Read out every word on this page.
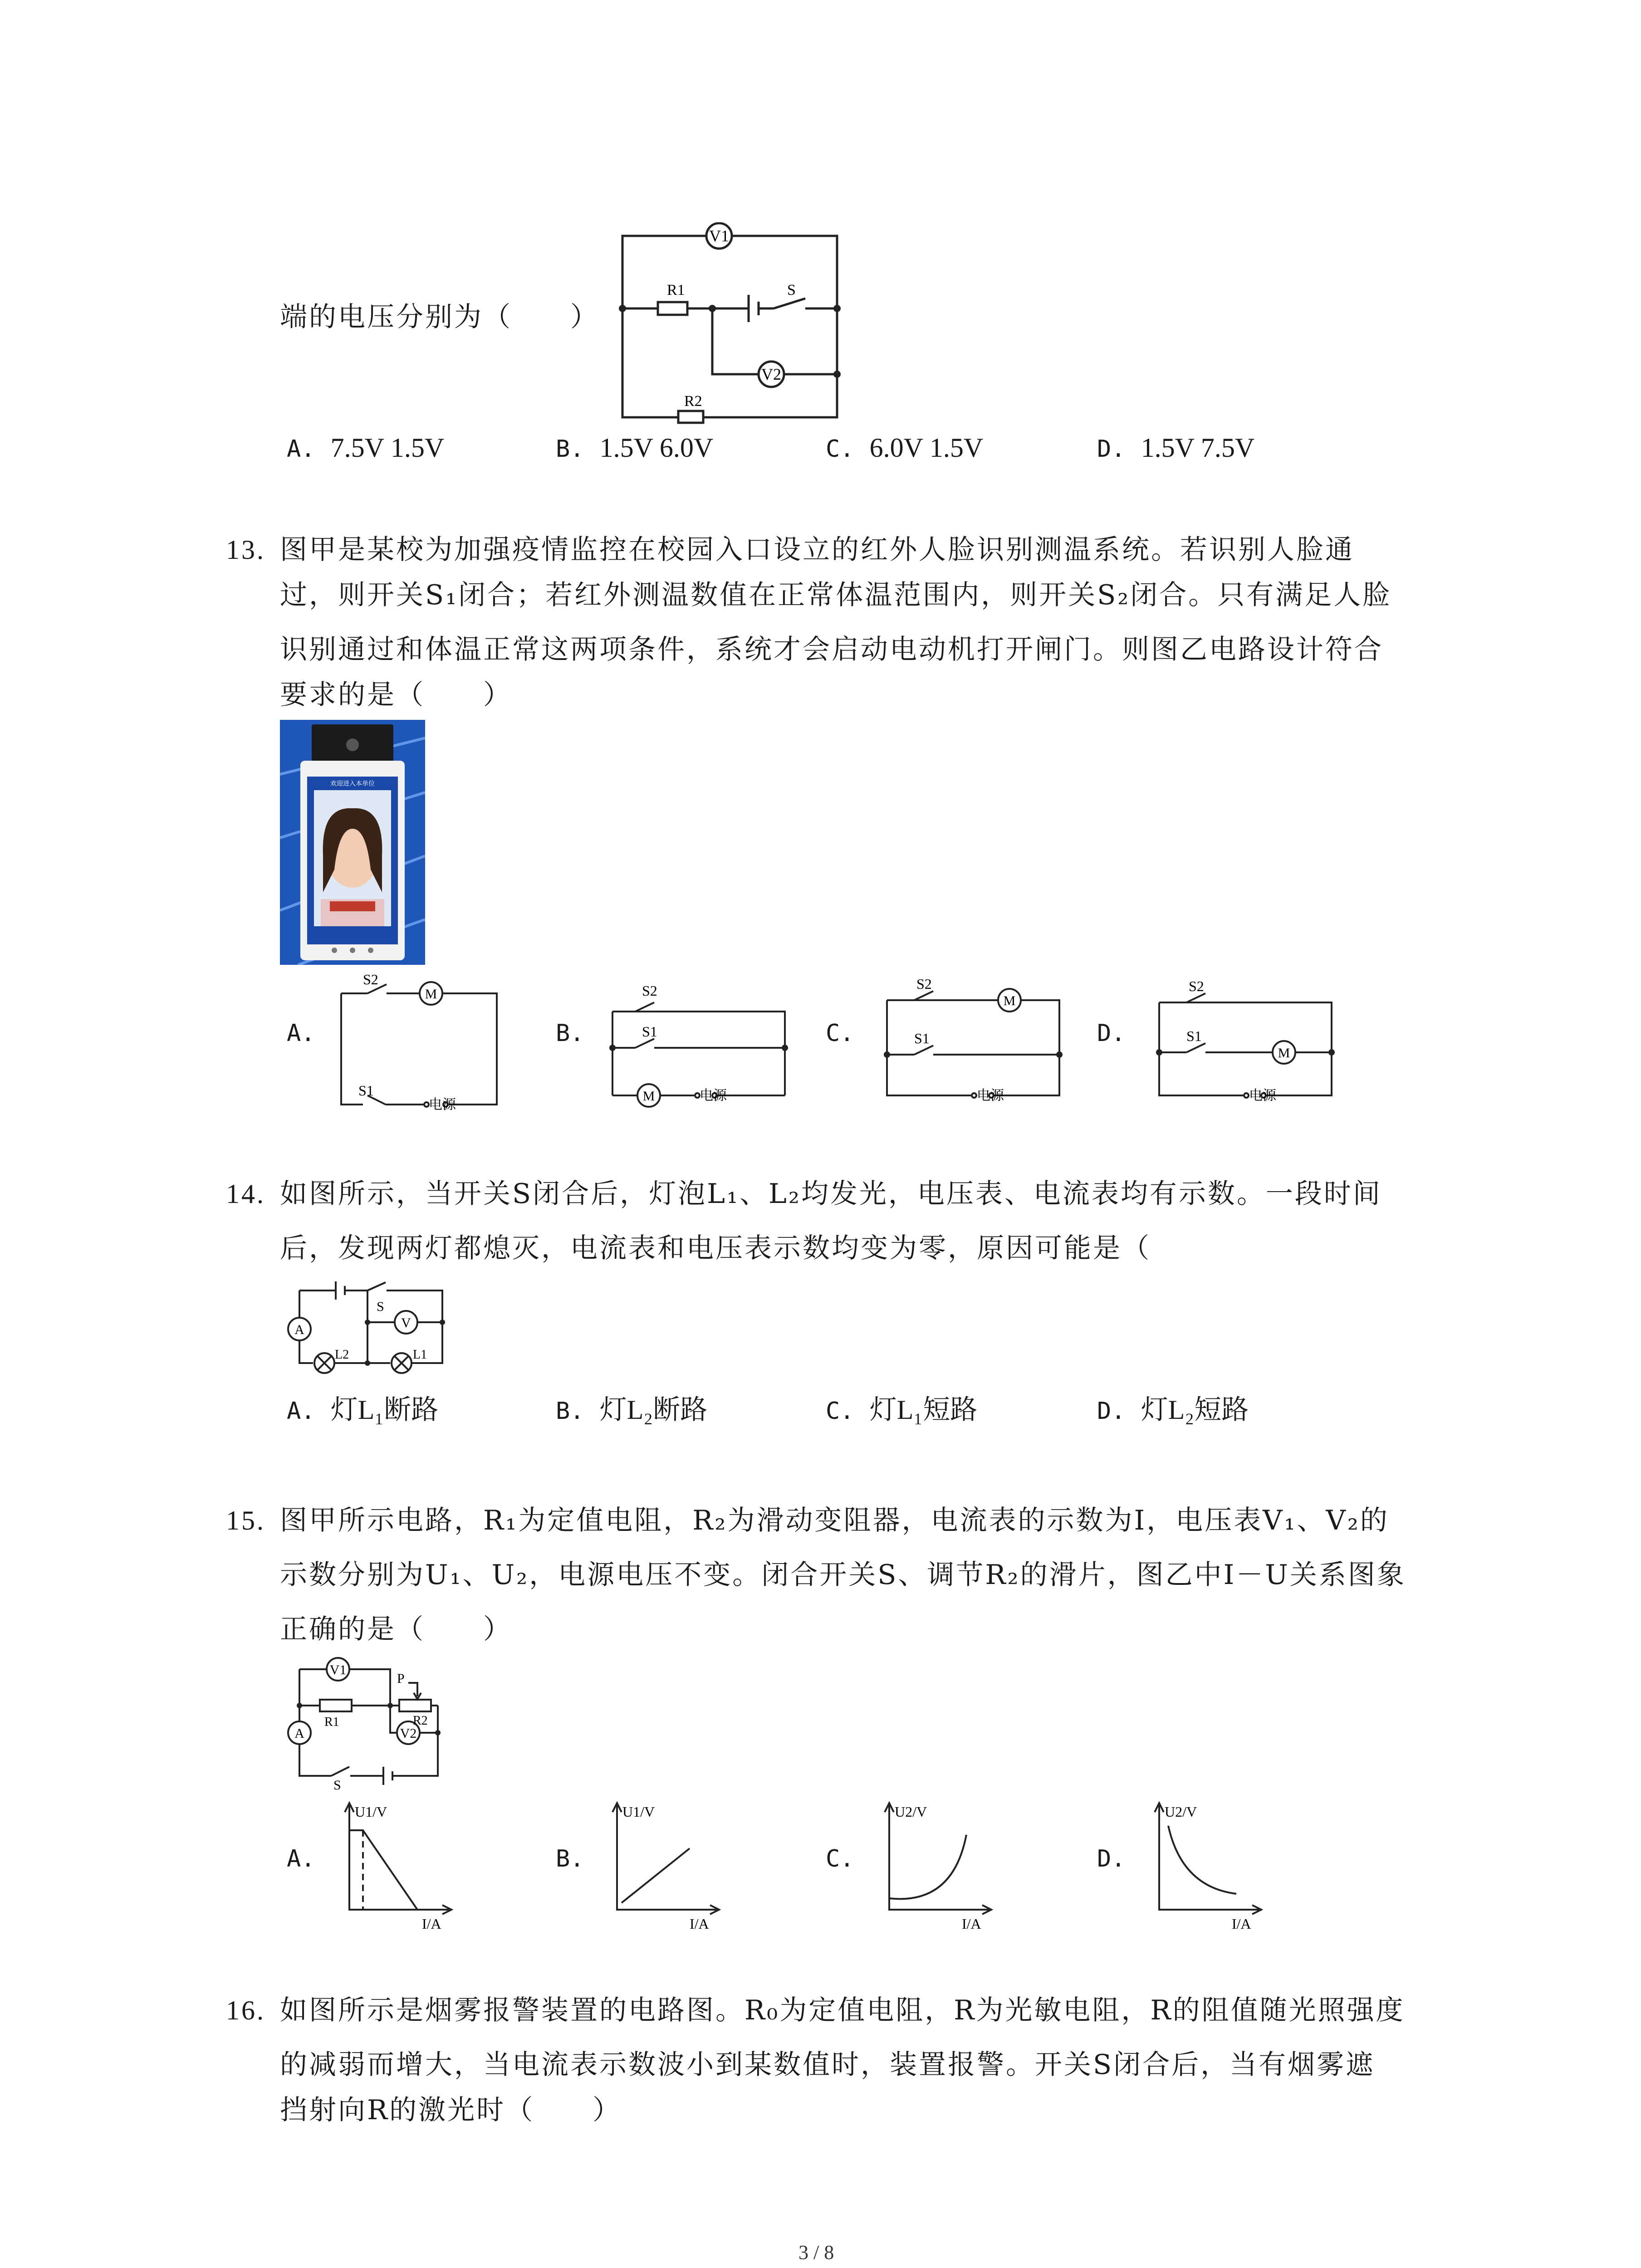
端的电压分别为（　　）
V1
V2
R1
R2
S
A. 7.5V 1.5V	B. 1.5V 6.0V	C. 6.0V 1.5V	D. 1.5V 7.5V
13. 图甲是某校为加强疫情监控在校园入口设立的红外人脸识别测温系统。若识别人脸通
过，则开关S₁闭合；若红外测温数值在正常体温范围内，则开关S₂闭合。只有满足人脸
识别通过和体温正常这两项条件，系统才会启动电动机打开闸门。则图乙电路设计符合
要求的是（　　）
欢迎进入本单位
A.
S2
S1
M
电源
B.
S2
S1
M	电源
C.
S2
S1
M
电源
D.
S2
S1
M
电源
14. 如图所示，当开关S闭合后，灯泡L₁、L₂均发光，电压表、电流表均有示数。一段时间
后，发现两灯都熄灭，电流表和电压表示数均变为零，原因可能是（
A	V
S
L2	L1
A. 灯L₁断路	B. 灯L₂断路	C. 灯L₁短路	D. 灯L₂短路
15. 图甲所示电路，R₁为定值电阻，R₂为滑动变阻器，电流表的示数为I，电压表V₁、V₂的
示数分别为U₁、U₂，电源电压不变。闭合开关S、调节R₂的滑片，图乙中I－U关系图象
正确的是（　　）
V1
V2
R1	R2
A
P
S
A.
U1/V
I/A
B.
U1/V
I/A
C.
U2/V
I/A
D.
U2/V
I/A
16. 如图所示是烟雾报警装置的电路图。R₀为定值电阻，R为光敏电阻，R的阻值随光照强度
的减弱而增大，当电流表示数波小到某数值时，装置报警。开关S闭合后，当有烟雾遮
挡射向R的激光时（　　）
3 / 8
